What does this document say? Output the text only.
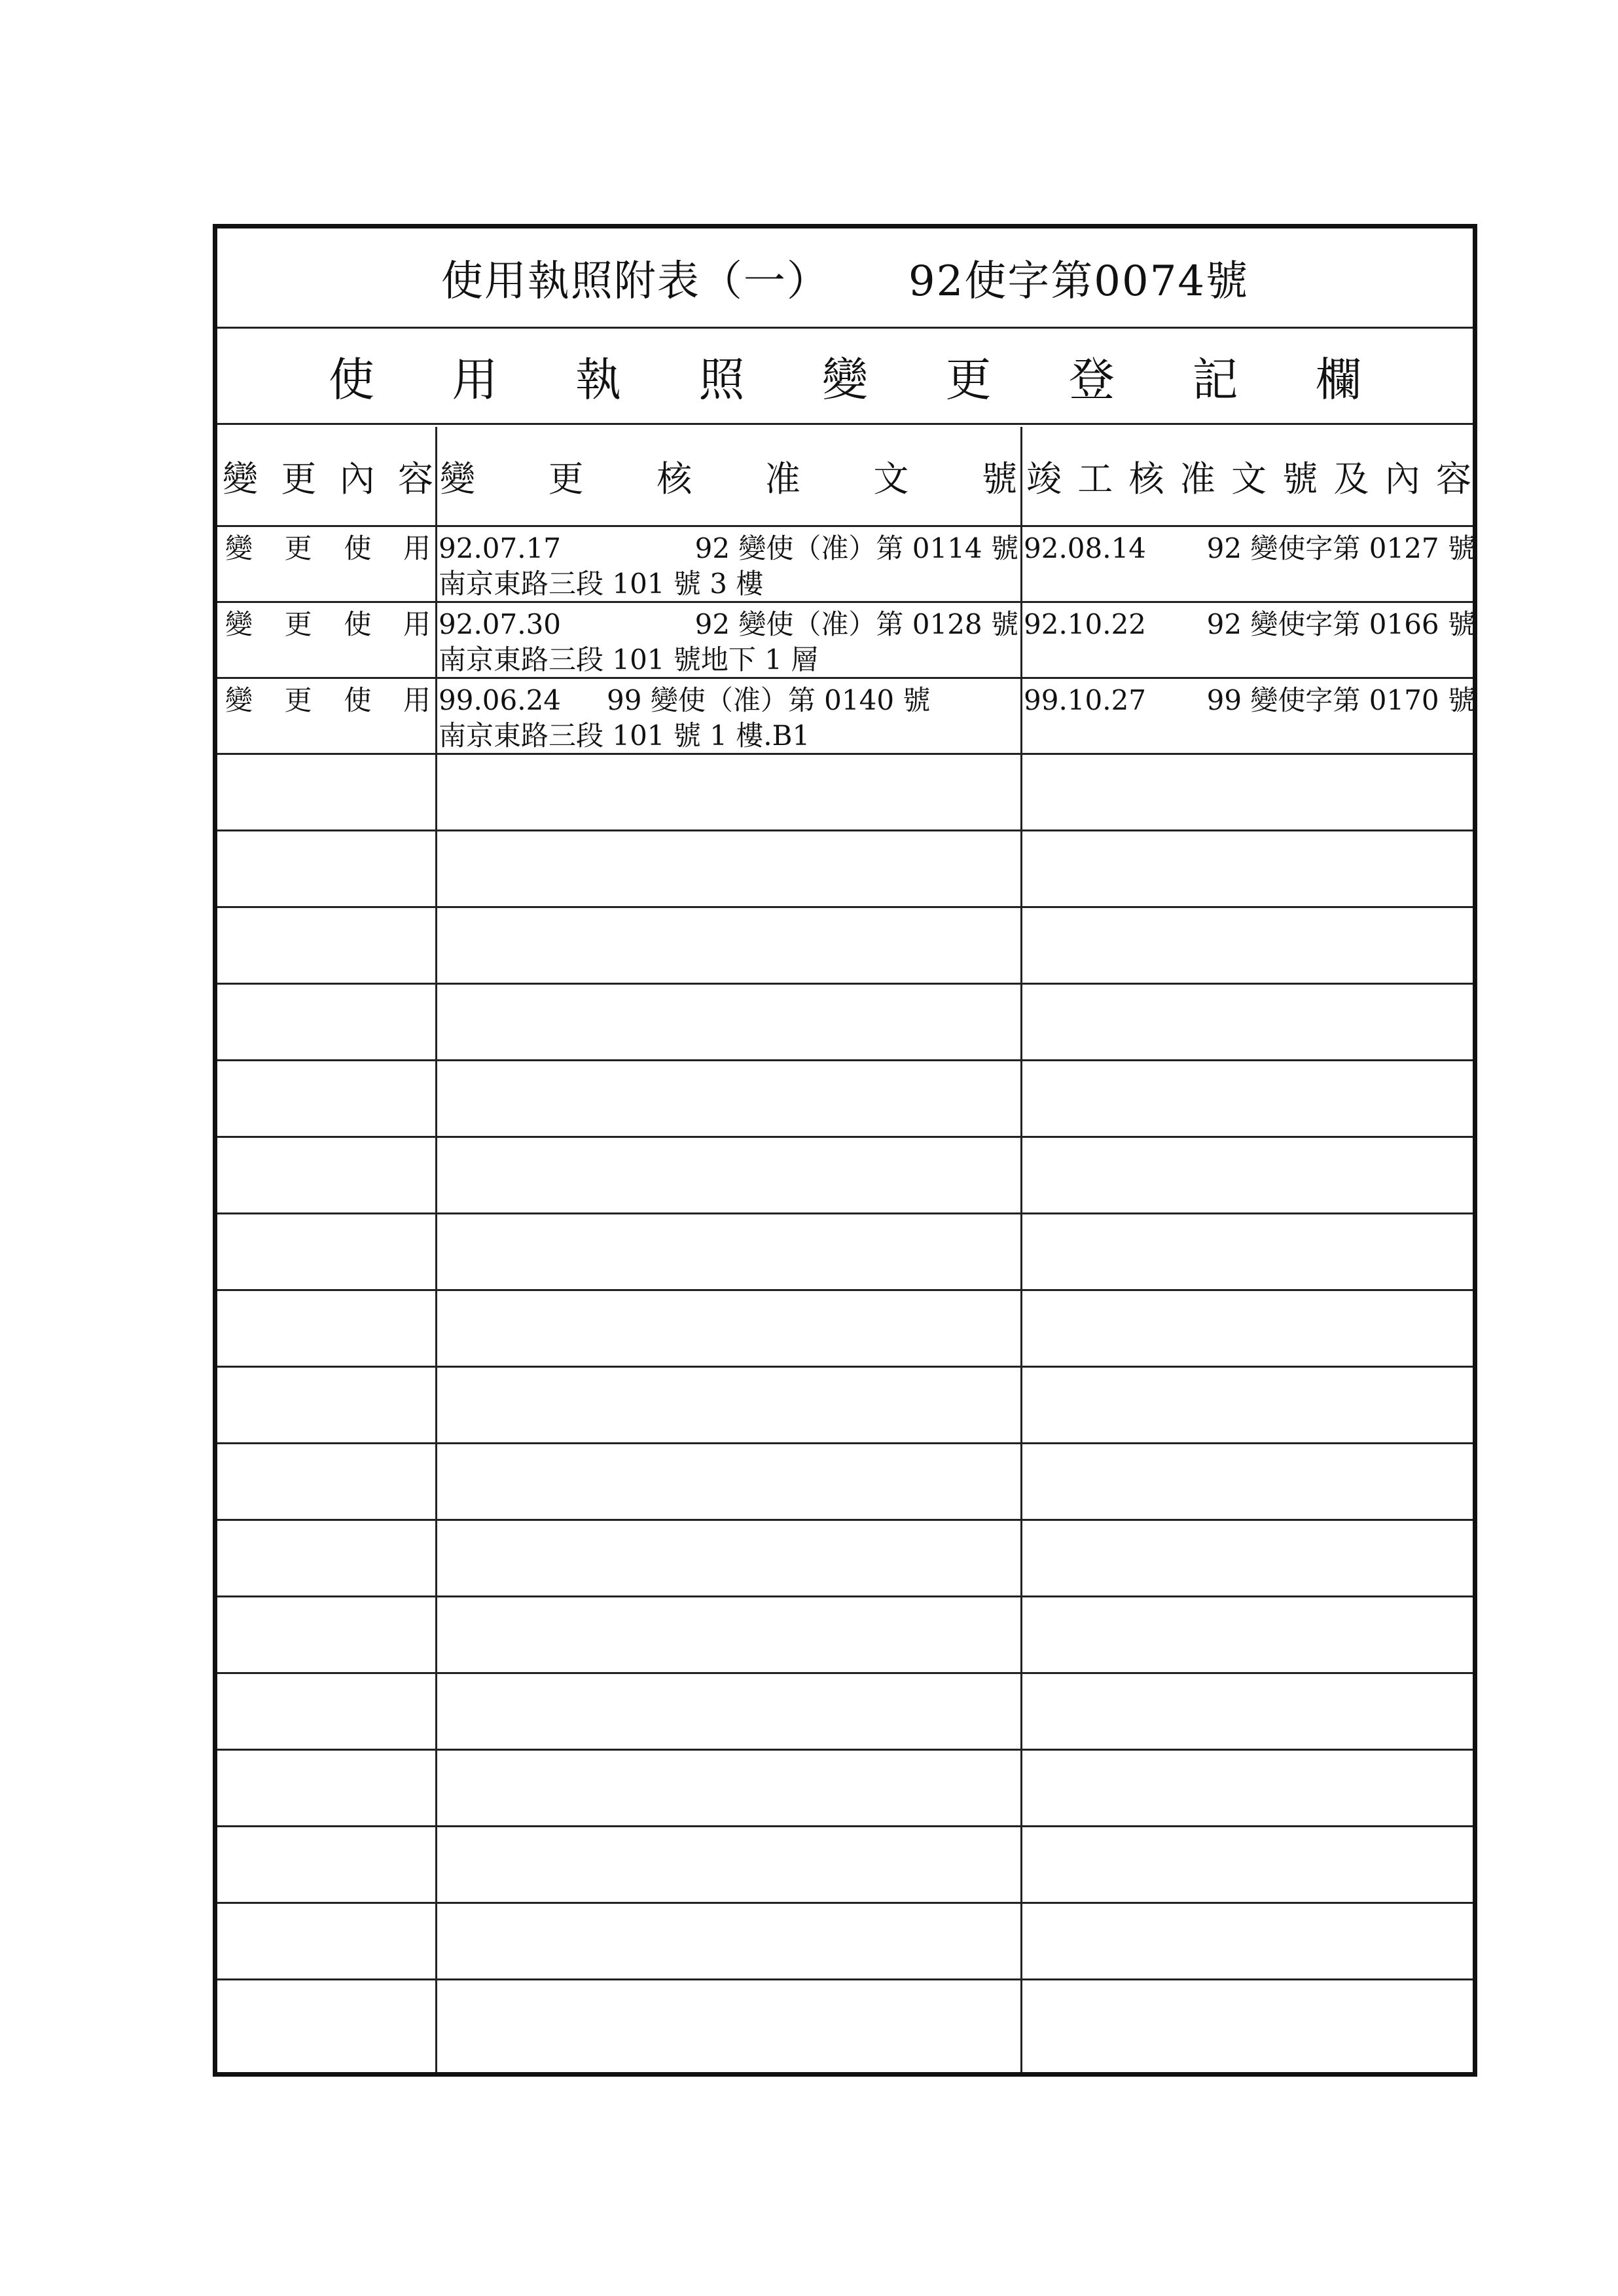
使用執照附表（一） 92使字第0074號
使 用 執 照 變 更 登 記 欄
變 更 內 容 變 更 核 准 文 號 竣 工 核 准 文 號 及 內 容
變 更 使 用 92.07.17	92 變使（准）第 0114 號
南京東路三段 101 號 3 樓
92.08.14 92 變使字第 0127 號
變 更 使 用 92.07.30	92 變使（准）第 0128 號
南京東路三段 101 號地下 1 層
92.10.22 92 變使字第 0166 號
變 更 使 用 99.06.24 99 變使（准）第 0140 號
南京東路三段 101 號 1 樓.B1
99.10.27 99 變使字第 0170 號
